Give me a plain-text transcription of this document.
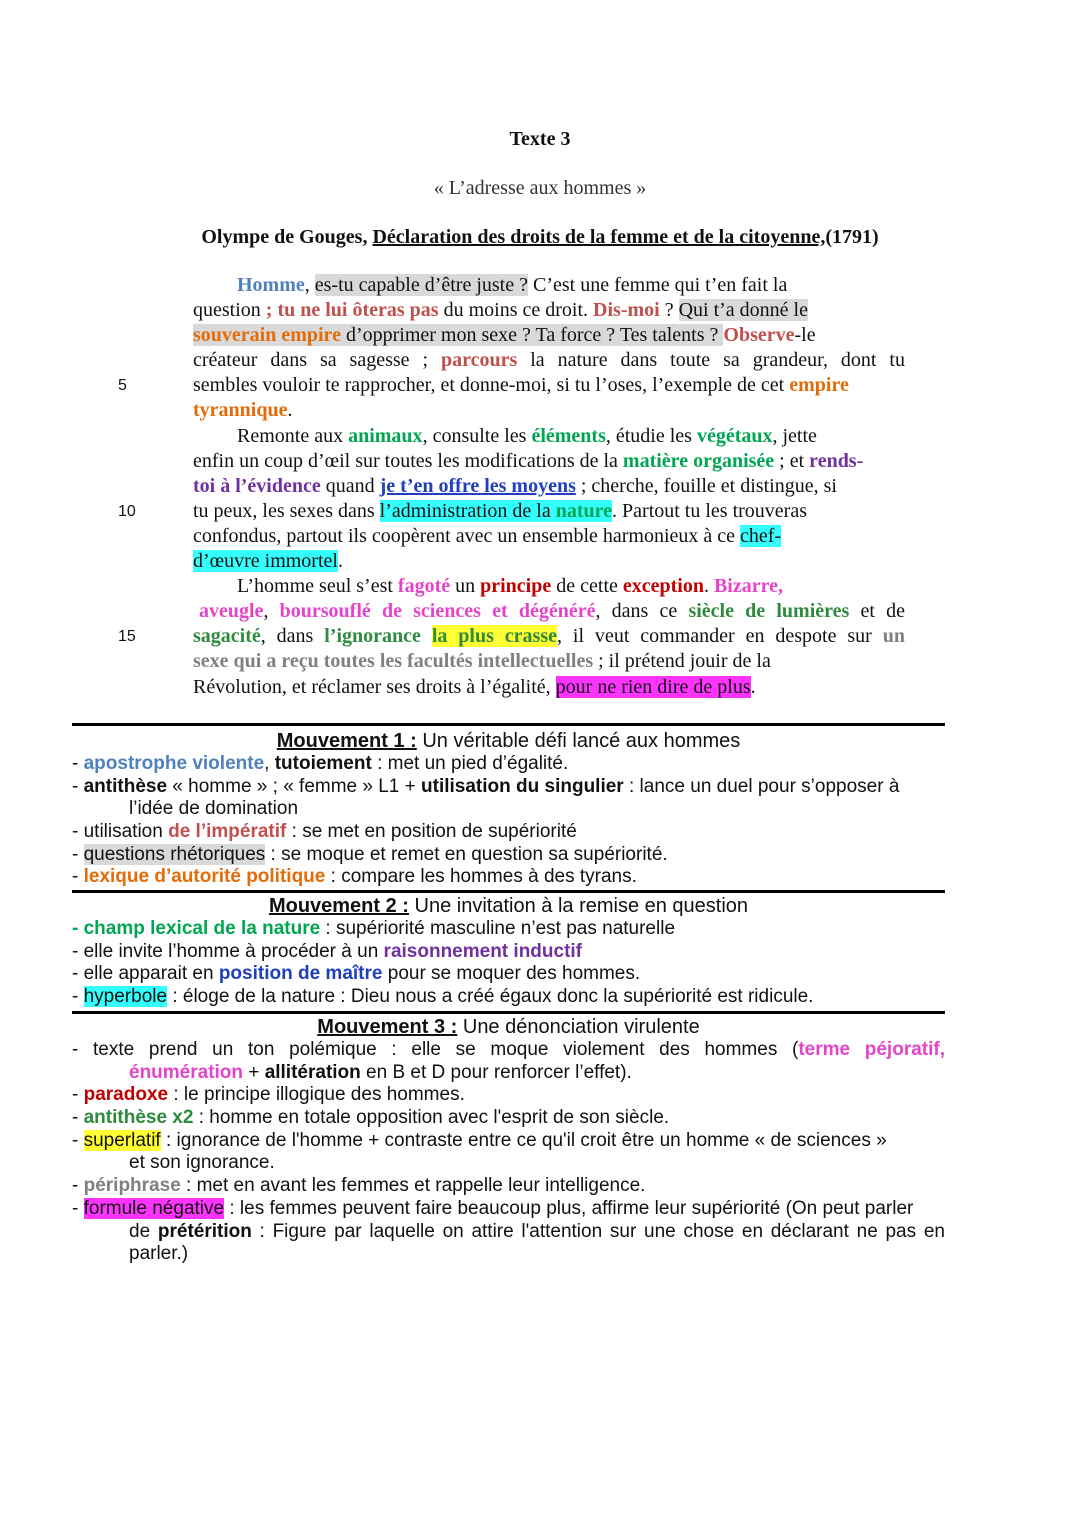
Texte 3
« L’adresse aux hommes »
Olympe de Gouges, Déclaration des droits de la femme et de la citoyenne,(1791)
5
10
15
Homme, es-tu capable d’être juste ? C’est une femme qui t’en fait la
question ; tu ne lui ôteras pas du moins ce droit. Dis-moi ? Qui t’a donné le
souverain empire d’opprimer mon sexe ? Ta force ? Tes talents ? Observe-le
créateur dans sa sagesse ; parcours la nature dans toute sa grandeur, dont tu
sembles vouloir te rapprocher, et donne-moi, si tu l’oses, l’exemple de cet empire
tyrannique.
Remonte aux animaux, consulte les éléments, étudie les végétaux, jette
enfin un coup d’œil sur toutes les modifications de la matière organisée ; et rends-
toi à l’évidence quand je t’en offre les moyens ; cherche, fouille et distingue, si
tu peux, les sexes dans l’administration de la nature. Partout tu les trouveras
confondus, partout ils coopèrent avec un ensemble harmonieux à ce chef-
d’œuvre immortel.
L’homme seul s’est fagoté un principe de cette exception. Bizarre,
aveugle, boursouflé de sciences et dégénéré, dans ce siècle de lumières et de
sagacité, dans l’ignorance la plus crasse, il veut commander en despote sur un
sexe qui a reçu toutes les facultés intellectuelles ; il prétend jouir de la
Révolution, et réclamer ses droits à l’égalité, pour ne rien dire de plus.
Mouvement 1 : Un véritable défi lancé aux hommes
- apostrophe violente, tutoiement : met un pied d’égalité.
- antithèse « homme » ; « femme » L1 + utilisation du singulier : lance un duel pour s’opposer à
l’idée de domination
- utilisation de l’impératif : se met en position de supériorité
- questions rhétoriques : se moque et remet en question sa supériorité.
- lexique d’autorité politique : compare les hommes à des tyrans.
Mouvement 2 : Une invitation à la remise en question
- champ lexical de la nature : supériorité masculine n’est pas naturelle
- elle invite l’homme à procéder à un raisonnement inductif
- elle apparait en position de maître pour se moquer des hommes.
- hyperbole : éloge de la nature : Dieu nous a créé égaux donc la supériorité est ridicule.
Mouvement 3 : Une dénonciation virulente
- texte prend un ton polémique : elle se moque violement des hommes (terme péjoratif,
énumération + allitération en B et D pour renforcer l’effet).
- paradoxe : le principe illogique des hommes.
- antithèse x2 : homme en totale opposition avec l'esprit de son siècle.
- superlatif : ignorance de l'homme + contraste entre ce qu'il croit être un homme « de sciences »
et son ignorance.
- périphrase : met en avant les femmes et rappelle leur intelligence.
- formule négative : les femmes peuvent faire beaucoup plus, affirme leur supériorité (On peut parler
de prétérition : Figure par laquelle on attire l'attention sur une chose en déclarant ne pas en
parler.)
